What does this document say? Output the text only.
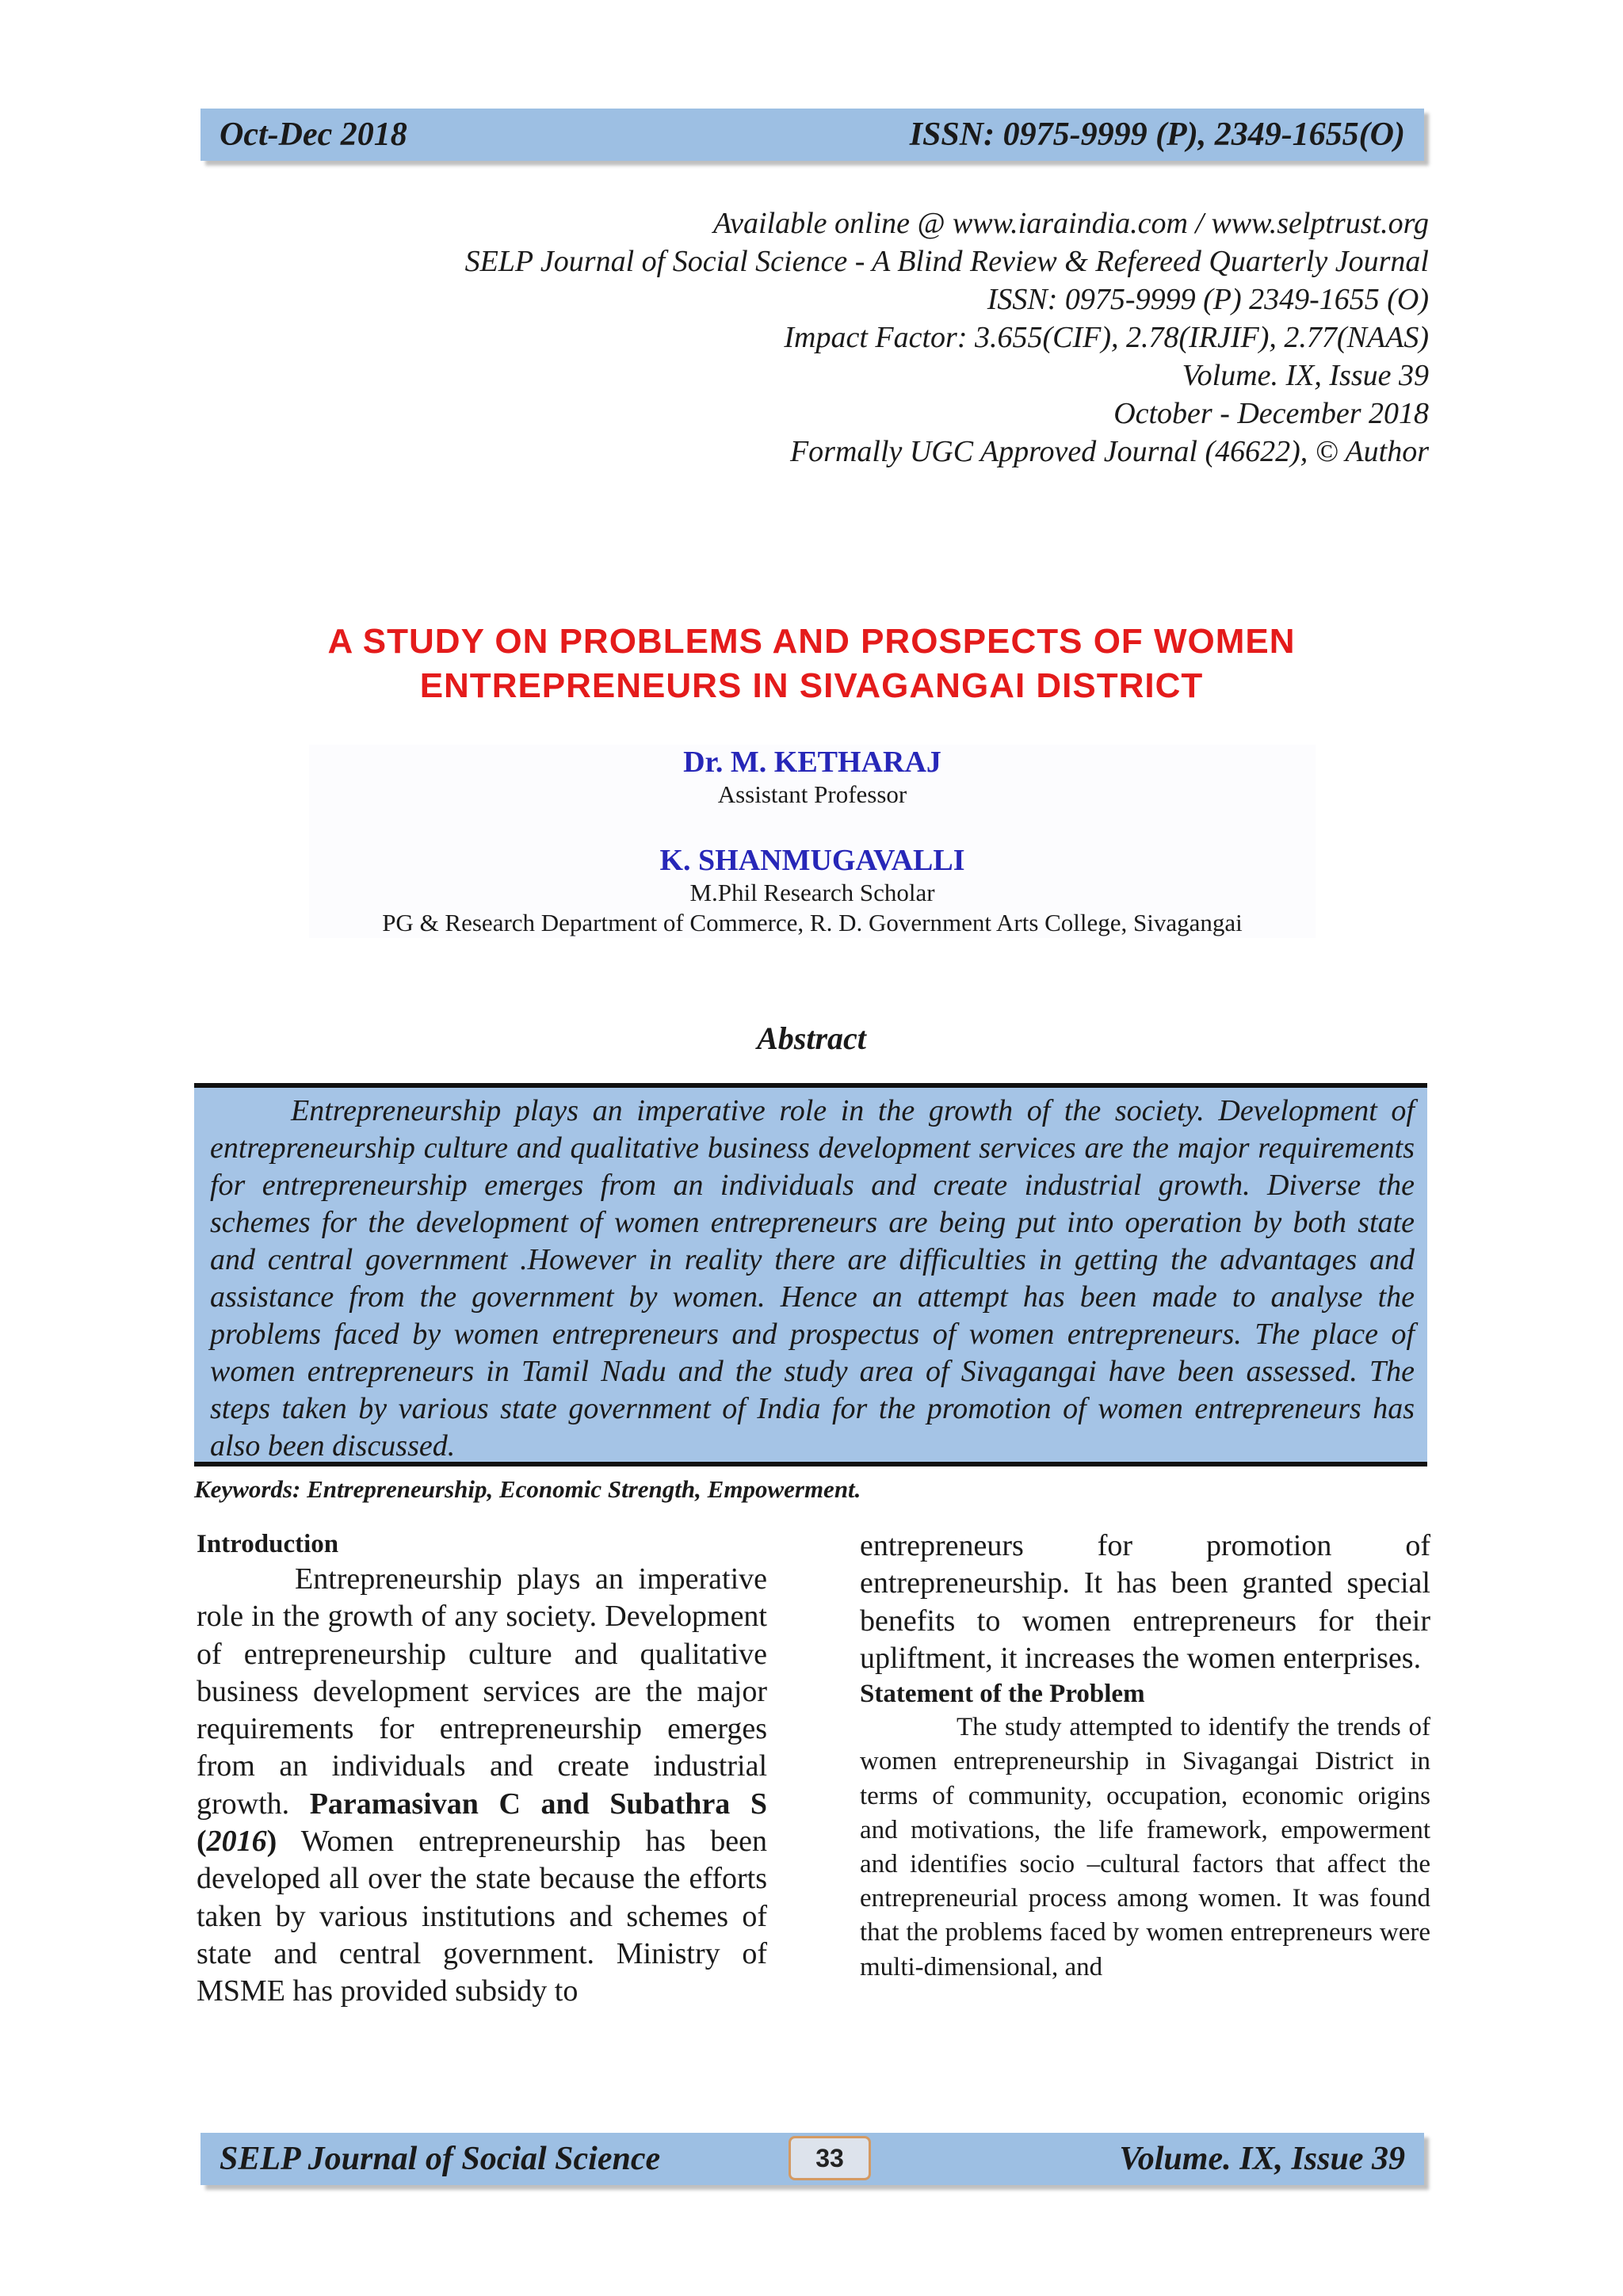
Oct-Dec 2018	ISSN: 0975-9999 (P), 2349-1655(O)
Available online @ www.iaraindia.com / www.selptrust.org
SELP Journal of Social Science - A Blind Review & Refereed Quarterly Journal
ISSN: 0975-9999 (P) 2349-1655 (O)
Impact Factor: 3.655(CIF), 2.78(IRJIF), 2.77(NAAS)
Volume. IX, Issue 39
October - December 2018
Formally UGC Approved Journal (46622), © Author
A STUDY ON PROBLEMS AND PROSPECTS OF WOMEN
ENTREPRENEURS IN SIVAGANGAI DISTRICT
Dr. M. KETHARAJ
Assistant Professor
K. SHANMUGAVALLI
M.Phil Research Scholar
PG & Research Department of Commerce, R. D. Government Arts College, Sivagangai
Abstract

Entrepreneurship plays an imperative role in the growth of the society. Development of entrepreneurship culture and qualitative business development services are the major requirements for entrepreneurship emerges from an individuals and create industrial growth. Diverse the schemes for the development of women entrepreneurs are being put into operation by both state and central government .However in reality there are difficulties in getting the advantages and assistance from the government by women. Hence an attempt has been made to analyse the problems faced by women entrepreneurs and prospectus of women entrepreneurs. The place of women entrepreneurs in Tamil Nadu and the study area of Sivagangai have been assessed. The steps taken by various state government of India for the promotion of women entrepreneurs has also been discussed.

Keywords: Entrepreneurship, Economic Strength, Empowerment.
Introduction

Entrepreneurship plays an imperative role in the growth of any society. Development of entrepreneurship culture and qualitative business development services are the major requirements for entrepreneurship emerges from an individuals and create industrial growth. Paramasivan C and Subathra S (2016) Women entrepreneurship has been developed all over the state because the efforts taken by various institutions and schemes of state and central government. Ministry of MSME has provided subsidy to

entrepreneurs for promotion of entrepreneurship. It has been granted special benefits to women entrepreneurs for their upliftment, it increases the women enterprises.

Statement of the Problem

The study attempted to identify the trends of women entrepreneurship in Sivagangai District in terms of community, occupation, economic origins and motivations, the life framework, empowerment and identifies socio –cultural factors that affect the entrepreneurial process among women. It was found that the problems faced by women entrepreneurs were multi-dimensional, and

SELP Journal of Social Science	Volume. IX, Issue 39
33
